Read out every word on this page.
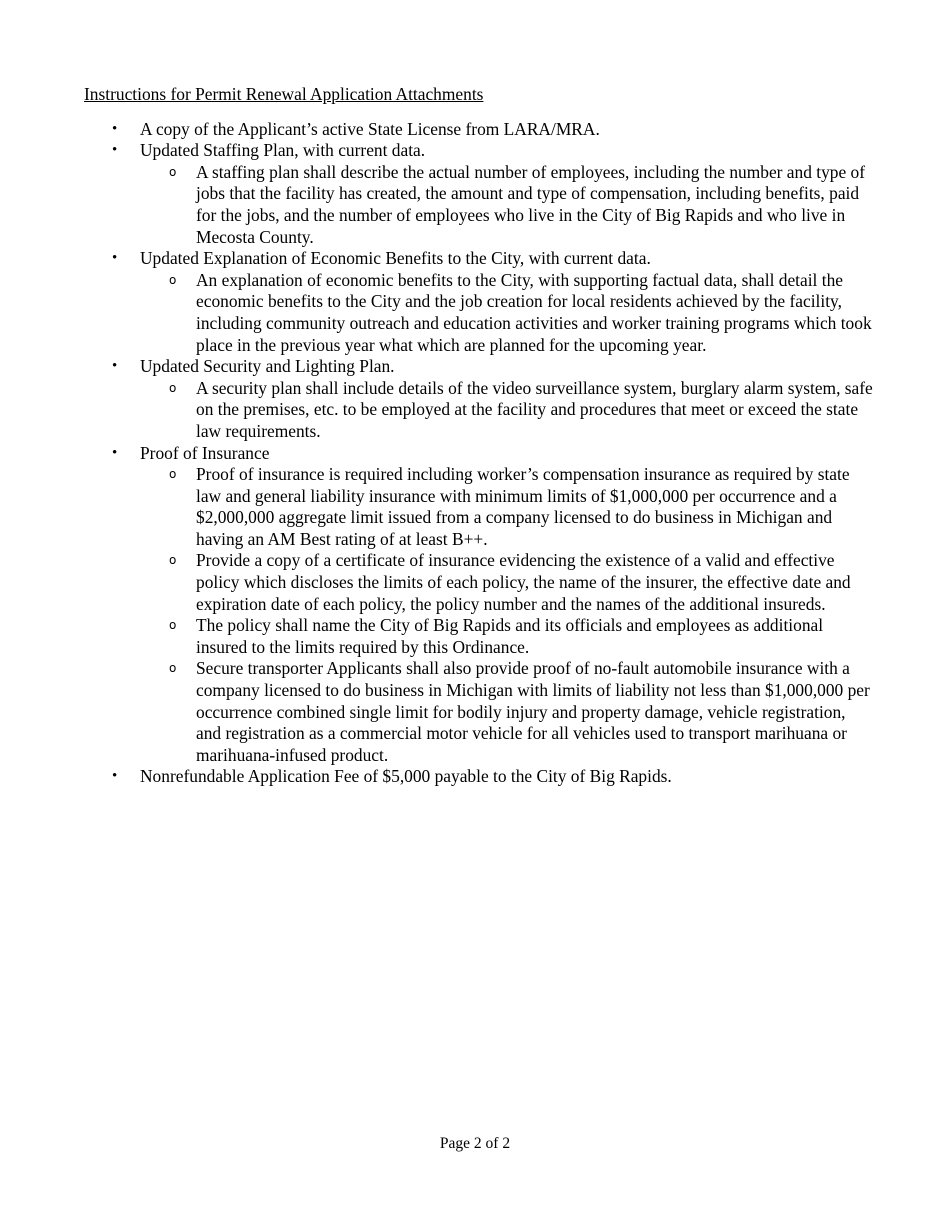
Instructions for Permit Renewal Application Attachments
• A copy of the Applicant’s active State License from LARA/MRA.
• Updated Staffing Plan, with current data.
o A staffing plan shall describe the actual number of employees, including the number and type of jobs that the facility has created, the amount and type of compensation, including benefits, paid for the jobs, and the number of employees who live in the City of Big Rapids and who live in Mecosta County.
• Updated Explanation of Economic Benefits to the City, with current data.
o An explanation of economic benefits to the City, with supporting factual data, shall detail the economic benefits to the City and the job creation for local residents achieved by the facility, including community outreach and education activities and worker training programs which took place in the previous year what which are planned for the upcoming year.
• Updated Security and Lighting Plan.
o A security plan shall include details of the video surveillance system, burglary alarm system, safe on the premises, etc. to be employed at the facility and procedures that meet or exceed the state law requirements.
• Proof of Insurance
o Proof of insurance is required including worker’s compensation insurance as required by state law and general liability insurance with minimum limits of $1,000,000 per occurrence and a $2,000,000 aggregate limit issued from a company licensed to do business in Michigan and having an AM Best rating of at least B++.
o Provide a copy of a certificate of insurance evidencing the existence of a valid and effective policy which discloses the limits of each policy, the name of the insurer, the effective date and expiration date of each policy, the policy number and the names of the additional insureds.
o The policy shall name the City of Big Rapids and its officials and employees as additional insured to the limits required by this Ordinance.
o Secure transporter Applicants shall also provide proof of no-fault automobile insurance with a company licensed to do business in Michigan with limits of liability not less than $1,000,000 per occurrence combined single limit for bodily injury and property damage, vehicle registration, and registration as a commercial motor vehicle for all vehicles used to transport marihuana or marihuana-infused product.
• Nonrefundable Application Fee of $5,000 payable to the City of Big Rapids.
Page 2 of 2
